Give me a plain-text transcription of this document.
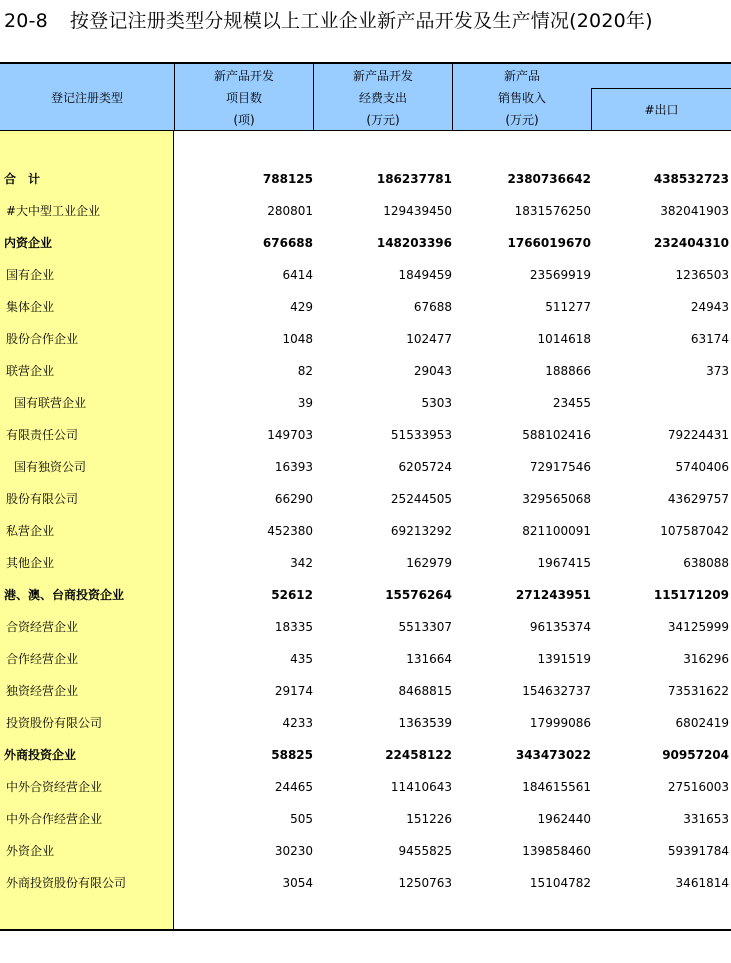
20-8 按登记注册类型分规模以上工业企业新产品开发及生产情况(2020年)
登记注册类型
新产品开发
项目数
(项)
新产品开发
经费支出
(万元)
新产品
销售收入
(万元)
#出口
合　计	788125	186237781	2380736642	438532723
#大中型工业企业	280801	129439450	1831576250	382041903
内资企业	676688	148203396	1766019670	232404310
国有企业	6414	1849459	23569919	1236503
集体企业	429	67688	511277	24943
股份合作企业	1048	102477	1014618	63174
联营企业	82	29043	188866	373
国有联营企业	39	5303	23455
有限责任公司	149703	51533953	588102416	79224431
国有独资公司	16393	6205724	72917546	5740406
股份有限公司	66290	25244505	329565068	43629757
私营企业	452380	69213292	821100091	107587042
其他企业	342	162979	1967415	638088
港、澳、台商投资企业	52612	15576264	271243951	115171209
合资经营企业	18335	5513307	96135374	34125999
合作经营企业	435	131664	1391519	316296
独资经营企业	29174	8468815	154632737	73531622
投资股份有限公司	4233	1363539	17999086	6802419
外商投资企业	58825	22458122	343473022	90957204
中外合资经营企业	24465	11410643	184615561	27516003
中外合作经营企业	505	151226	1962440	331653
外资企业	30230	9455825	139858460	59391784
外商投资股份有限公司	3054	1250763	15104782	3461814
